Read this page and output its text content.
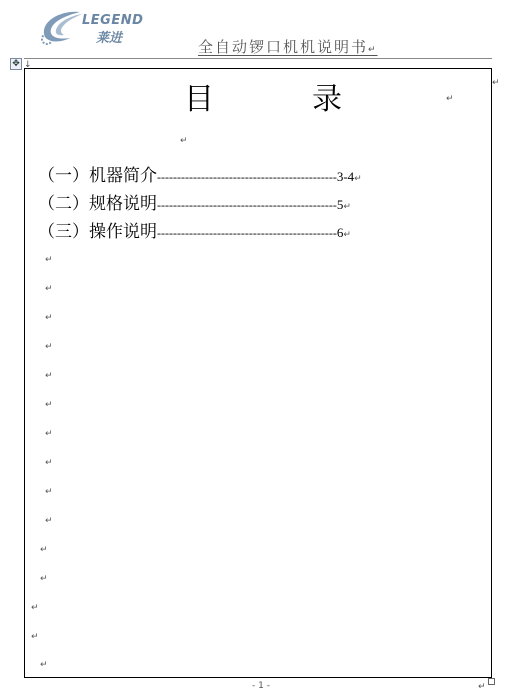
LEGEND
莱进	全自动锣口机机说明书↵
✥ ↓
↵
目	录	↵
↵
（一）机器简介---------------------------------------------3-4↵
（二）规格说明---------------------------------------------5↵
（三）操作说明---------------------------------------------6↵
↵
↵
↵
↵
↵
↵
↵
↵
↵
↵
↵
↵
↵
↵
↵
- 1 -	↵
